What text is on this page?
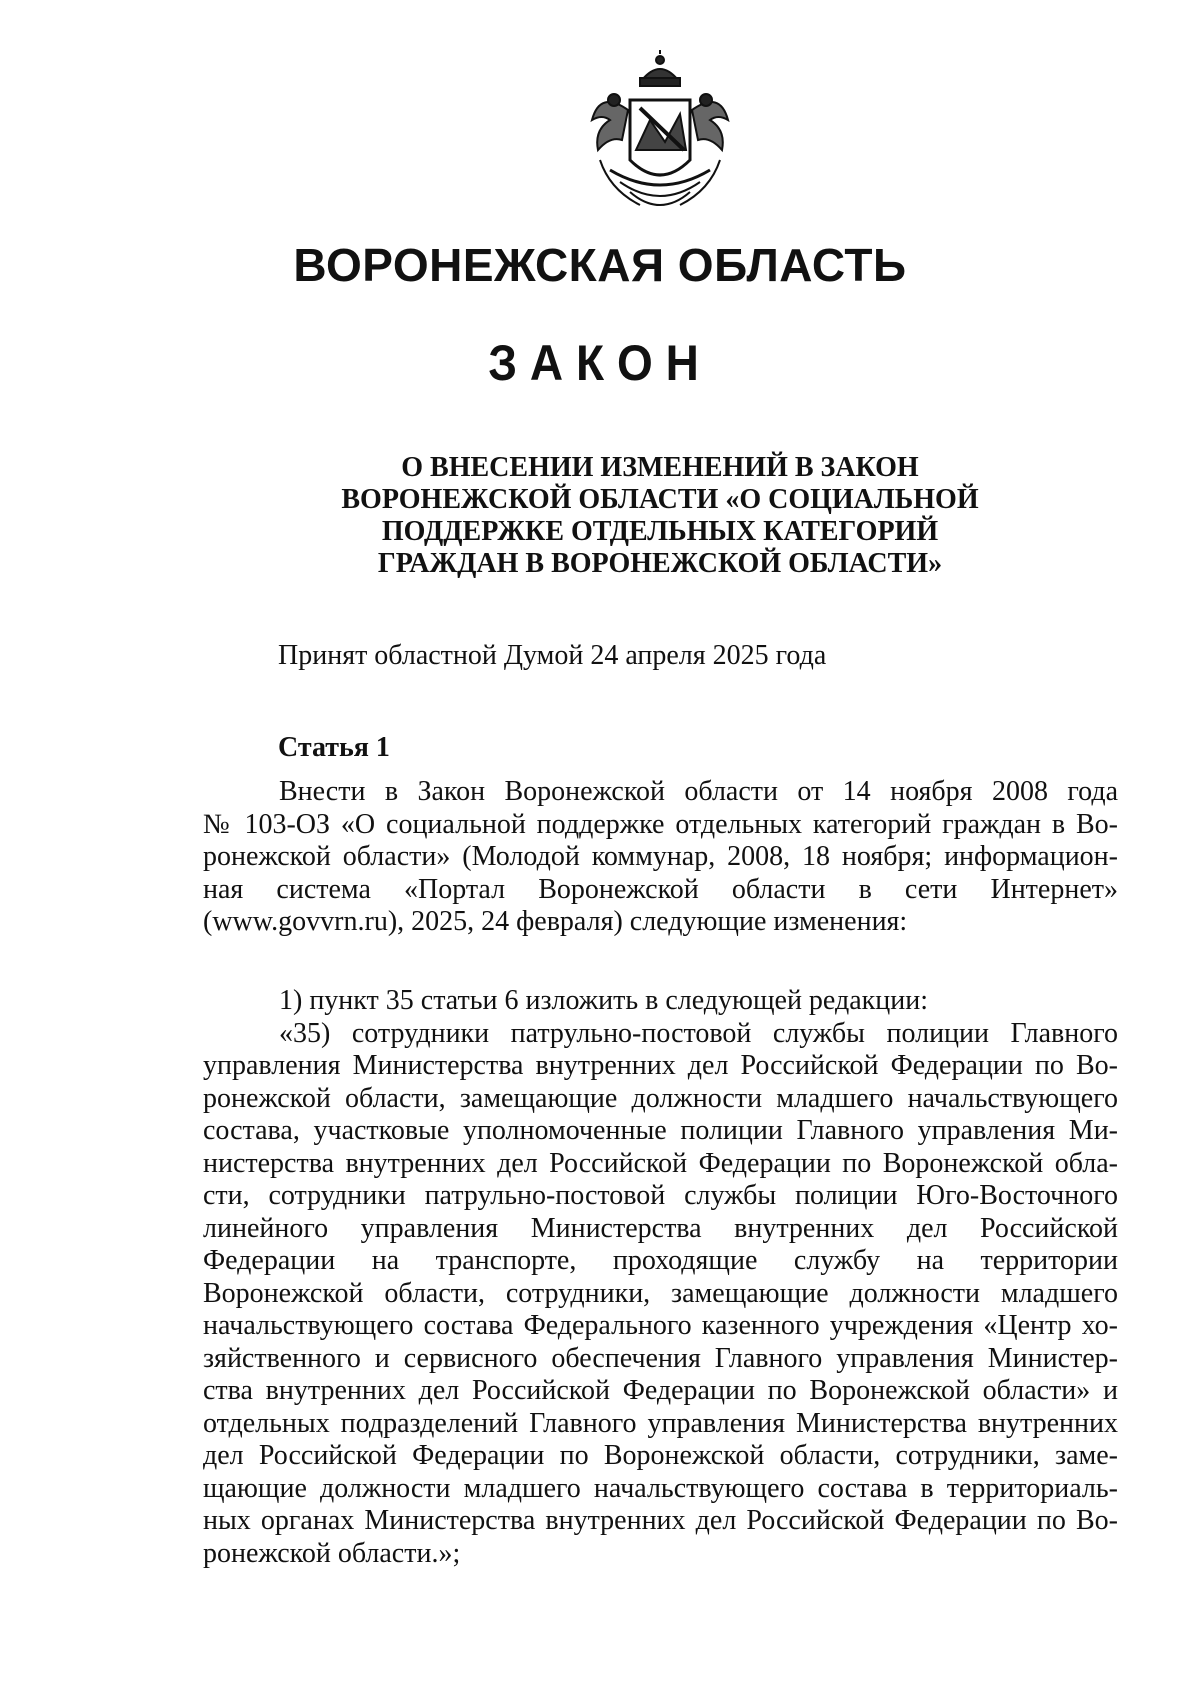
ВОРОНЕЖСКАЯ ОБЛАСТЬ
ЗАКОН
О ВНЕСЕНИИ ИЗМЕНЕНИЙ В ЗАКОН
ВОРОНЕЖСКОЙ ОБЛАСТИ «О СОЦИАЛЬНОЙ
ПОДДЕРЖКЕ ОТДЕЛЬНЫХ КАТЕГОРИЙ
ГРАЖДАН В ВОРОНЕЖСКОЙ ОБЛАСТИ»
Принят областной Думой 24 апреля 2025 года
Статья 1
Внести в Закон Воронежской области от 14 ноября 2008 года
№ 103-ОЗ «О социальной поддержке отдельных категорий граждан в Во-
ронежской области» (Молодой коммунар, 2008, 18 ноября; информацион-
ная система «Портал Воронежской области в сети Интернет»
(www.govvrn.ru), 2025, 24 февраля) следующие изменения:
1) пункт 35 статьи 6 изложить в следующей редакции:
«35) сотрудники патрульно-постовой службы полиции Главного
управления Министерства внутренних дел Российской Федерации по Во-
ронежской области, замещающие должности младшего начальствующего
состава, участковые уполномоченные полиции Главного управления Ми-
нистерства внутренних дел Российской Федерации по Воронежской обла-
сти, сотрудники патрульно-постовой службы полиции Юго-Восточного
линейного управления Министерства внутренних дел Российской
Федерации на транспорте, проходящие службу на территории
Воронежской области, сотрудники, замещающие должности младшего
начальствующего состава Федерального казенного учреждения «Центр хо-
зяйственного и сервисного обеспечения Главного управления Министер-
ства внутренних дел Российской Федерации по Воронежской области» и
отдельных подразделений Главного управления Министерства внутренних
дел Российской Федерации по Воронежской области, сотрудники, заме-
щающие должности младшего начальствующего состава в территориаль-
ных органах Министерства внутренних дел Российской Федерации по Во-
ронежской области.»;
